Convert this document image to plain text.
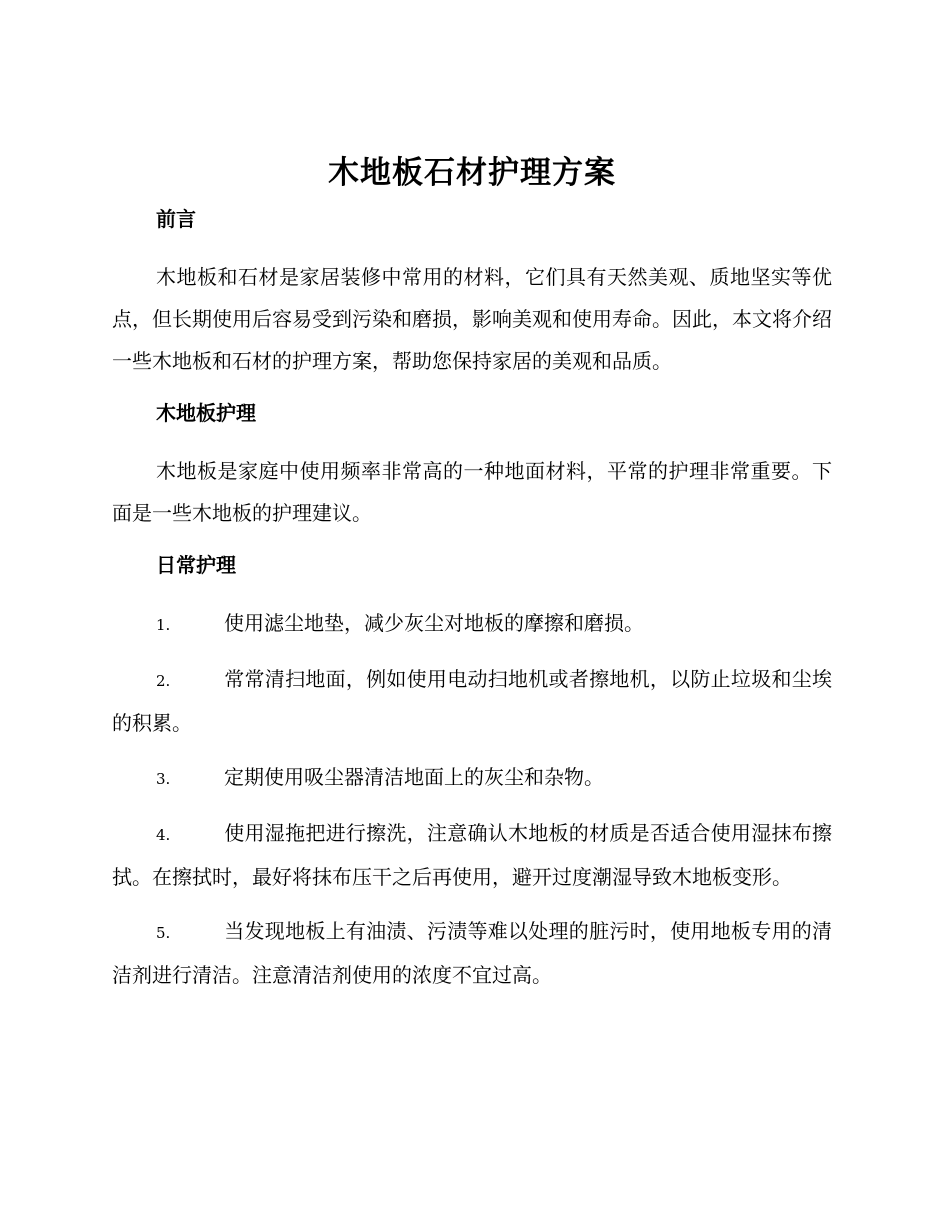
木地板石材护理方案
前言

木地板和石材是家居装修中常用的材料，它们具有天然美观、质地坚实等优点，但长期使用后容易受到污染和磨损，影响美观和使用寿命。因此，本文将介绍一些木地板和石材的护理方案，帮助您保持家居的美观和品质。

木地板护理

木地板是家庭中使用频率非常高的一种地面材料，平常的护理非常重要。下面是一些木地板的护理建议。

日常护理
1.	使用滤尘地垫，减少灰尘对地板的摩擦和磨损。
2.	常常清扫地面，例如使用电动扫地机或者擦地机，以防止垃圾和尘埃的积累。
3.	定期使用吸尘器清洁地面上的灰尘和杂物。
4.	使用湿拖把进行擦洗，注意确认木地板的材质是否适合使用湿抹布擦拭。在擦拭时，最好将抹布压干之后再使用，避开过度潮湿导致木地板变形。
5.	当发现地板上有油渍、污渍等难以处理的脏污时，使用地板专用的清洁剂进行清洁。注意清洁剂使用的浓度不宜过高。
